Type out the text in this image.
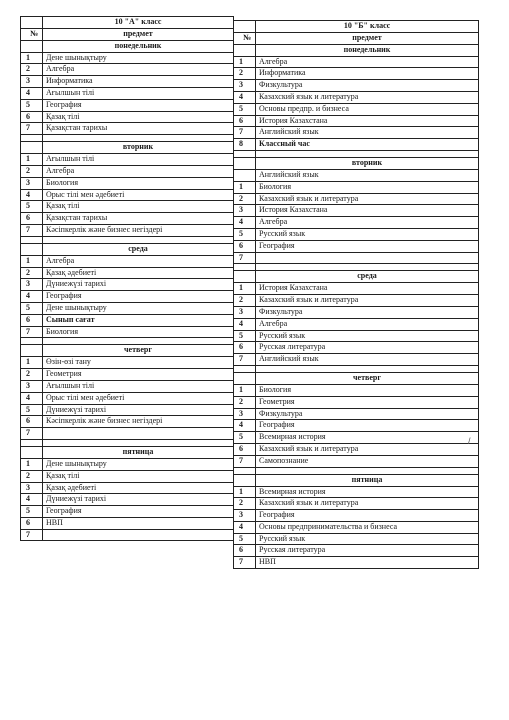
	10 "А" класс
№	предмет
	понедельник
1	Дене шынықтыру
2	Алгебра
3	Информатика
4	Ағылшын тілі
5	География
6	Қазақ тілі
7	Қазақстан тарихы

	вторник
1	Ағылшын тілі
2	Алгебра
3	Биология
4	Орыс тілі мен әдебиеті
5	Қазақ тілі
6	Қазақстан тарихы
7	Кәсіпкерлік және бизнес негіздері

	среда
1	Алгебра
2	Қазақ әдебиеті
3	Дүниежүзі тарихі
4	География
5	Дене шынықтыру
6	Сынып сағат
7	Биология

	четверг
1	Өзін-өзі тану
2	Геометрия
3	Ағылшын тілі
4	Орыс тілі мен әдебиеті
5	Дүниежүзі тарихі
6	Кәсіпкерлік және бизнес негіздері
7	

	пятница
1	Дене шынықтыру
2	Қазақ тілі
3	Қазақ әдебиеті
4	Дүниежүзі тарихі
5	География
6	НВП
7	
	10 "Б" класс
№	предмет
	понедельник
1	Алгебра
2	Информатика
3	Физкультура
4	Казахский язык и литература
5	Основы предпр. и бизнеса
6	История Казахстана
7	Английский язык
8	Классный час

	вторник
	Английский язык
1	Биология
2	Казахский язык и литература
3	История Казахстана
4	Алгебра
5	Русский язык
6	География
7	

	среда
1	История Казахстана
2	Казахский язык и литература
3	Физкультура
4	Алгебра
5	Русский язык
6	Русская литература
7	Английский язык

	четверг
1	Биология
2	Геометрия
3	Физкультура
4	География
5	Всемирная история
6	Казахский язык и литература
7	Самопознание

	пятница
1	Всемирная история
2	Казахский язык и литература
3	География
4	Основы предпринимательства и бизнеса
5	Русский язык
6	Русская литература
7	НВП
/
